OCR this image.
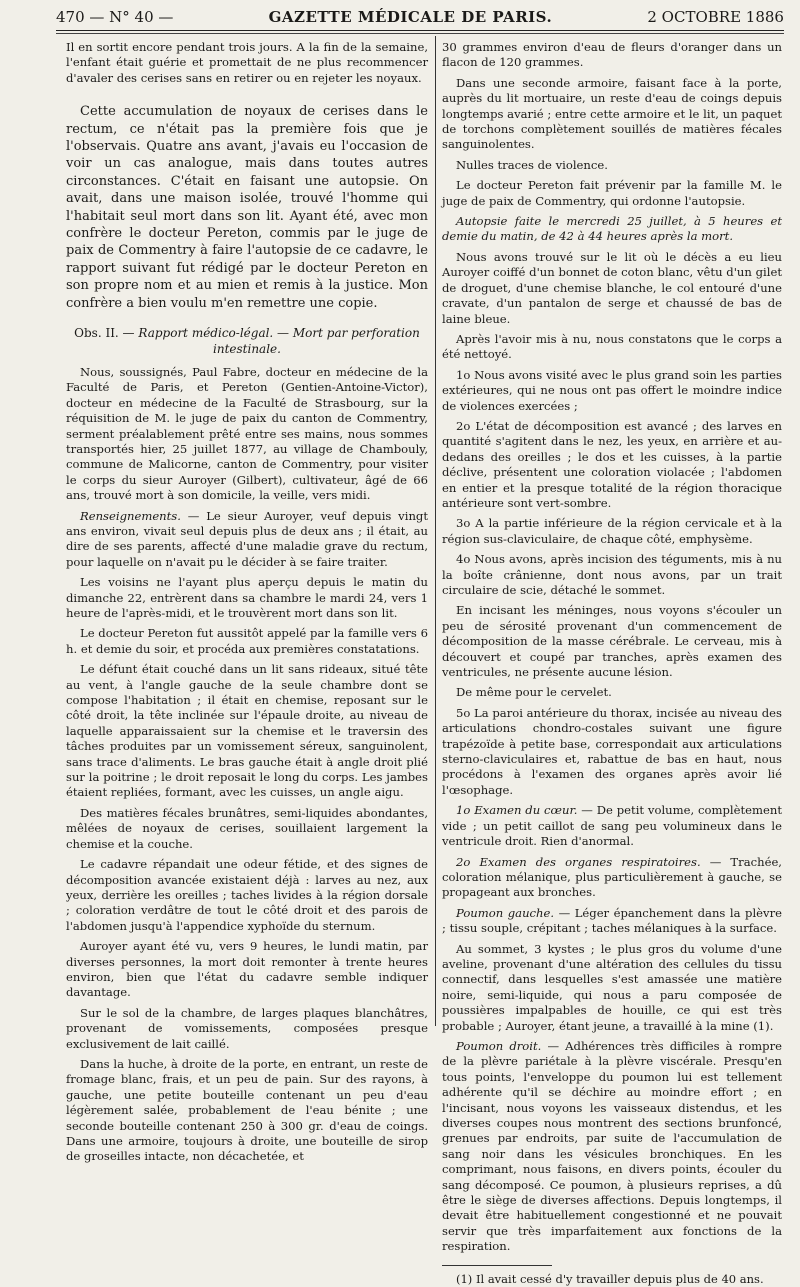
470 — N° 40 —	GAZETTE MÉDICALE DE PARIS.	2 OCTOBRE 1886

Il en sortit encore pendant trois jours. A la fin de la semaine, l'enfant était guérie et promettait de ne plus recommencer d'avaler des cerises sans en retirer ou en rejeter les noyaux.

Cette accumulation de noyaux de cerises dans le rectum, ce n'était pas la première fois que je l'observais. Quatre ans avant, j'avais eu l'occasion de voir un cas analogue, mais dans toutes autres circonstances. C'était en faisant une autopsie. On avait, dans une maison isolée, trouvé l'homme qui l'habitait seul mort dans son lit. Ayant été, avec mon confrère le docteur Pereton, commis par le juge de paix de Commentry à faire l'autopsie de ce cadavre, le rapport suivant fut rédigé par le docteur Pereton en son propre nom et au mien et remis à la justice. Mon confrère a bien voulu m'en remettre une copie.

Obs. II. — Rapport médico-légal. — Mort par perforation intestinale.

Nous, soussignés, Paul Fabre, docteur en médecine de la Faculté de Paris, et Pereton (Gentien-Antoine-Victor), docteur en médecine de la Faculté de Strasbourg, sur la réquisition de M. le juge de paix du canton de Commentry, serment préalablement prêté entre ses mains, nous sommes transportés hier, 25 juillet 1877, au village de Chambouly, commune de Malicorne, canton de Commentry, pour visiter le corps du sieur Auroyer (Gilbert), cultivateur, âgé de 66 ans, trouvé mort à son domicile, la veille, vers midi.

Renseignements. — Le sieur Auroyer, veuf depuis vingt ans environ, vivait seul depuis plus de deux ans ; il était, au dire de ses parents, affecté d'une maladie grave du rectum, pour laquelle on n'avait pu le décider à se faire traiter.

Les voisins ne l'ayant plus aperçu depuis le matin du dimanche 22, entrèrent dans sa chambre le mardi 24, vers 1 heure de l'après-midi, et le trouvèrent mort dans son lit.

Le docteur Pereton fut aussitôt appelé par la famille vers 6 h. et demie du soir, et procéda aux premières constatations.

Le défunt était couché dans un lit sans rideaux, situé tête au vent, à l'angle gauche de la seule chambre dont se compose l'habitation ; il était en chemise, reposant sur le côté droit, la tête inclinée sur l'épaule droite, au niveau de laquelle apparaissaient sur la chemise et le traversin des tâches produites par un vomissement séreux, sanguinolent, sans trace d'aliments. Le bras gauche était à angle droit plié sur la poitrine ; le droit reposait le long du corps. Les jambes étaient repliées, formant, avec les cuisses, un angle aigu.

Des matières fécales brunâtres, semi-liquides abondantes, mêlées de noyaux de cerises, souillaient largement la chemise et la couche.

Le cadavre répandait une odeur fétide, et des signes de décomposition avancée existaient déjà : larves au nez, aux yeux, derrière les oreilles ; taches livides à la région dorsale ; coloration verdâtre de tout le côté droit et des parois de l'abdomen jusqu'à l'appendice xyphoïde du sternum.

Auroyer ayant été vu, vers 9 heures, le lundi matin, par diverses personnes, la mort doit remonter à trente heures environ, bien que l'état du cadavre semble indiquer davantage.

Sur le sol de la chambre, de larges plaques blanchâtres, provenant de vomissements, composées presque exclusivement de lait caillé.

Dans la huche, à droite de la porte, en entrant, un reste de fromage blanc, frais, et un peu de pain. Sur des rayons, à gauche, une petite bouteille contenant un peu d'eau légèrement salée, probablement de l'eau bénite ; une seconde bouteille contenant 250 à 300 gr. d'eau de coings. Dans une armoire, toujours à droite, une bouteille de sirop de groseilles intacte, non décachetée, et

30 grammes environ d'eau de fleurs d'oranger dans un flacon de 120 grammes.

Dans une seconde armoire, faisant face à la porte, auprès du lit mortuaire, un reste d'eau de coings depuis longtemps avarié ; entre cette armoire et le lit, un paquet de torchons complètement souillés de matières fécales sanguinolentes.

Nulles traces de violence.

Le docteur Pereton fait prévenir par la famille M. le juge de paix de Commentry, qui ordonne l'autopsie.

Autopsie faite le mercredi 25 juillet, à 5 heures et demie du matin, de 42 à 44 heures après la mort.

Nous avons trouvé sur le lit où le décès a eu lieu Auroyer coiffé d'un bonnet de coton blanc, vêtu d'un gilet de droguet, d'une chemise blanche, le col entouré d'une cravate, d'un pantalon de serge et chaussé de bas de laine bleue.

Après l'avoir mis à nu, nous constatons que le corps a été nettoyé.

1o Nous avons visité avec le plus grand soin les parties extérieures, qui ne nous ont pas offert le moindre indice de violences exercées ;

2o L'état de décomposition est avancé ; des larves en quantité s'agitent dans le nez, les yeux, en arrière et au-dedans des oreilles ; le dos et les cuisses, à la partie déclive, présentent une coloration violacée ; l'abdomen en entier et la presque totalité de la région thoracique antérieure sont vert-sombre.

3o A la partie inférieure de la région cervicale et à la région sus-claviculaire, de chaque côté, emphysème.

4o Nous avons, après incision des téguments, mis à nu la boîte crânienne, dont nous avons, par un trait circulaire de scie, détaché le sommet.

En incisant les méninges, nous voyons s'écouler un peu de sérosité provenant d'un commencement de décomposition de la masse cérébrale. Le cerveau, mis à découvert et coupé par tranches, après examen des ventricules, ne présente aucune lésion.

De même pour le cervelet.

5o La paroi antérieure du thorax, incisée au niveau des articulations chondro-costales suivant une figure trapézoïde à petite base, correspondait aux articulations sterno-claviculaires et, rabattue de bas en haut, nous procédons à l'examen des organes après avoir lié l'œsophage.

1o Examen du cœur. — De petit volume, complètement vide ; un petit caillot de sang peu volumineux dans le ventricule droit. Rien d'anormal.

2o Examen des organes respiratoires. — Trachée, coloration mélanique, plus particulièrement à gauche, se propageant aux bronches.

Poumon gauche. — Léger épanchement dans la plèvre ; tissu souple, crépitant ; taches mélaniques à la surface.

Au sommet, 3 kystes ; le plus gros du volume d'une aveline, provenant d'une altération des cellules du tissu connectif, dans lesquelles s'est amassée une matière noire, semi-liquide, qui nous a paru composée de poussières impalpables de houille, ce qui est très probable ; Auroyer, étant jeune, a travaillé à la mine (1).

Poumon droit. — Adhérences très difficiles à rompre de la plèvre pariétale à la plèvre viscérale. Presqu'en tous points, l'enveloppe du poumon lui est tellement adhérente qu'il se déchire au moindre effort ; en l'incisant, nous voyons les vaisseaux distendus, et les diverses coupes nous montrent des sections brunfoncé, grenues par endroits, par suite de l'accumulation de sang noir dans les vésicules bronchiques. En les comprimant, nous faisons, en divers points, écouler du sang décomposé. Ce poumon, à plusieurs reprises, a dû être le siège de diverses affections. Depuis longtemps, il devait être habituellement congestionné et ne pouvait servir que très imparfaitement aux fonctions de la respiration.

(1) Il avait cessé d'y travailler depuis plus de 40 ans.
